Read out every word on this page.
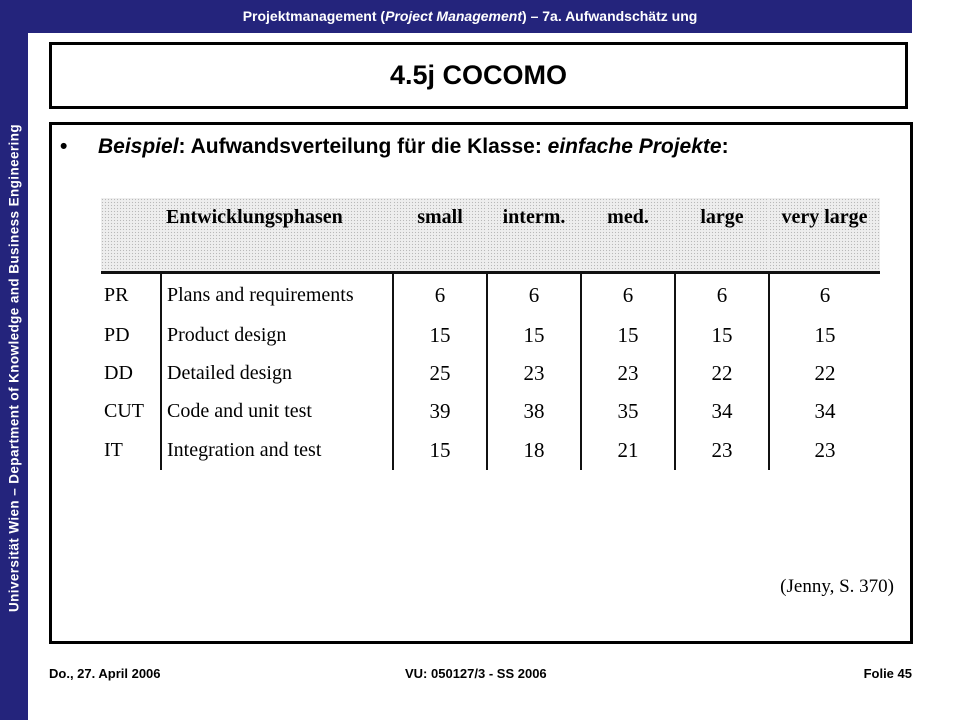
Universität Wien – Department of Knowledge and Business Engineering
Projektmanagement (Project Management) – 7a. Aufwandschätz ung
4.5j COCOMO
• Beispiel: Aufwandsverteilung für die Klasse: einfache Projekte:
	Entwicklungsphasen	small	interm.	med.	large	very large
PR	Plans and requirements	6	6	6	6	6
PD	Product design	15	15	15	15	15
DD	Detailed design	25	23	23	22	22
CUT	Code and unit test	39	38	35	34	34
IT	Integration and test	15	18	21	23	23
(Jenny, S. 370)
Do., 27. April 2006	VU: 050127/3 - SS 2006	Folie 45
